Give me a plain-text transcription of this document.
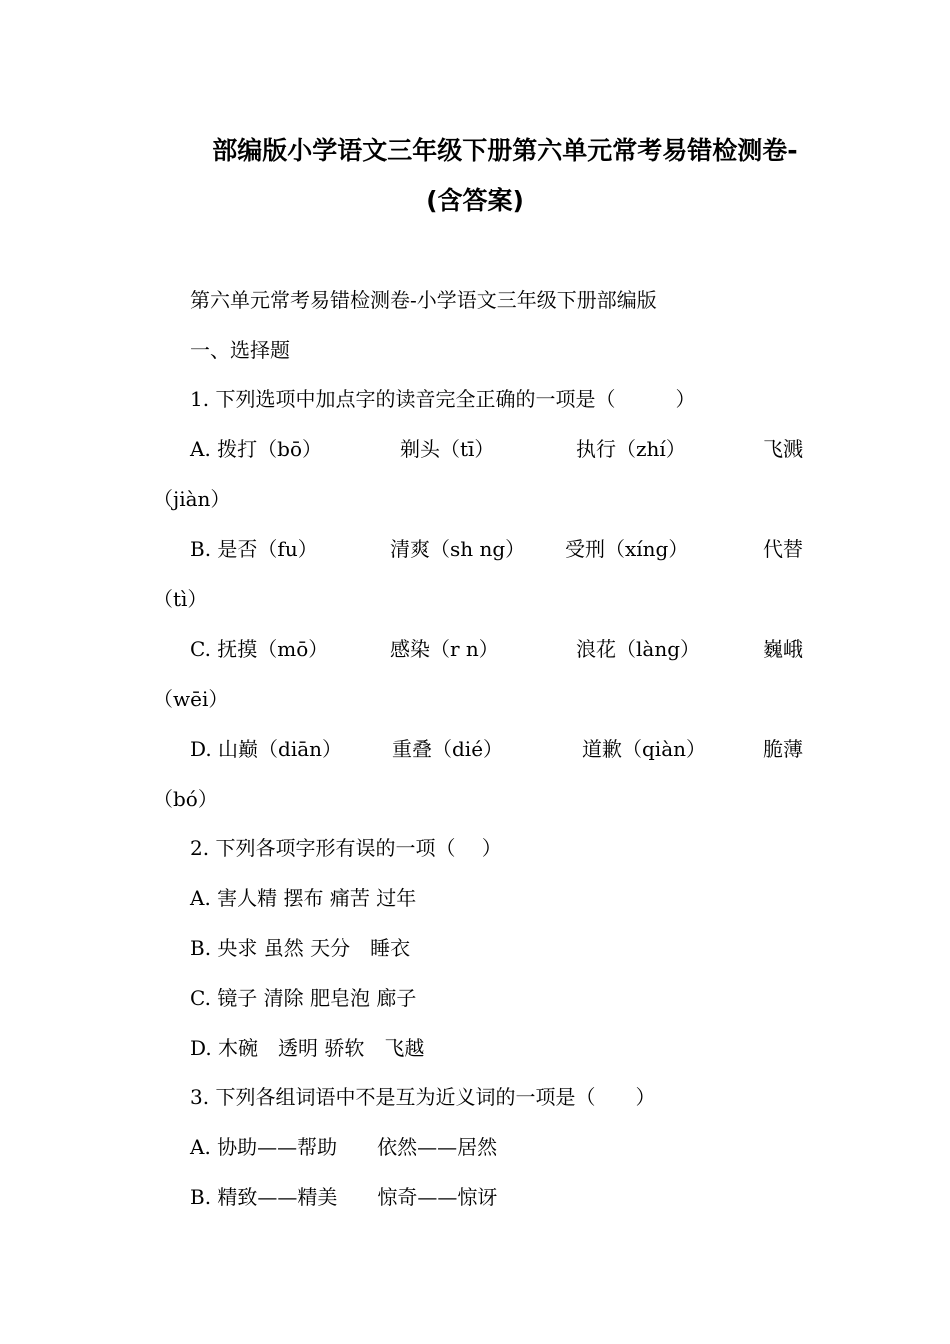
部编版小学语文三年级下册第六单元常考易错检测卷-
(含答案)
第六单元常考易错检测卷-小学语文三年级下册部编版
一、选择题
1. 下列选项中加点字的读音完全正确的一项是（　　　）
A. 拨打（bō）	剃头（tī）	执行（zhí）	飞溅
（jiàn）
B. 是否（fu）	清爽（sh ng） 受刑（xíng）	代替
（tì）
C. 抚摸（mō）	感染（r n）	浪花（làng）	巍峨
（wēi）
D. 山巅（diān） 重叠（dié）	道歉（qiàn）	脆薄
（bó）
2. 下列各项字形有误的一项（　 ）
A. 害人精 摆布 痛苦 过年
B. 央求 虽然 天分　睡衣
C. 镜子 清除 肥皂泡 廊子
D. 木碗　透明 骄软　飞越
3. 下列各组词语中不是互为近义词的一项是（　　）
A. 协助——帮助　　依然——居然
B. 精致——精美　　惊奇——惊讶
